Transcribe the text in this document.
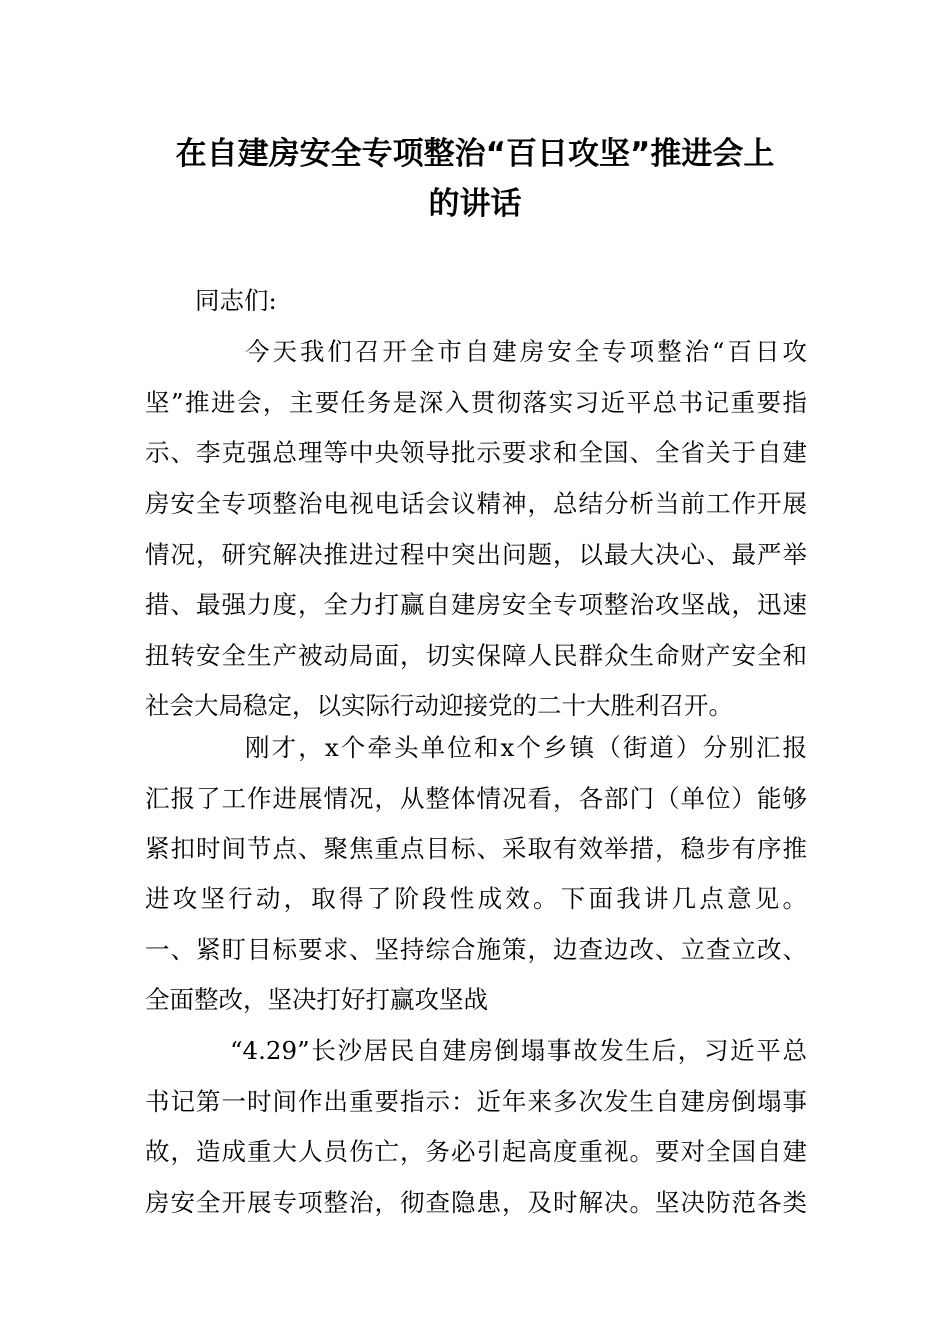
在自建房安全专项整治“百日攻坚”推进会上
的讲话
同志们:
今天我们召开全市自建房安全专项整治“百日攻
坚”推进会，主要任务是深入贯彻落实习近平总书记重要指
示、李克强总理等中央领导批示要求和全国、全省关于自建
房安全专项整治电视电话会议精神，总结分析当前工作开展
情况，研究解决推进过程中突出问题，以最大决心、最严举
措、最强力度，全力打赢自建房安全专项整治攻坚战，迅速
扭转安全生产被动局面，切实保障人民群众生命财产安全和
社会大局稳定，以实际行动迎接党的二十大胜利召开。
刚才，x个牵头单位和x个乡镇（街道）分别汇报
汇报了工作进展情况，从整体情况看，各部门（单位）能够
紧扣时间节点、聚焦重点目标、采取有效举措，稳步有序推
进攻坚行动，取得了阶段性成效。下面我讲几点意见。
一、紧盯目标要求、坚持综合施策，边查边改、立查立改、
全面整改，坚决打好打赢攻坚战
“4.29”长沙居民自建房倒塌事故发生后，习近平总
书记第一时间作出重要指示：近年来多次发生自建房倒塌事
故，造成重大人员伤亡，务必引起高度重视。要对全国自建
房安全开展专项整治，彻查隐患，及时解决。坚决防范各类
